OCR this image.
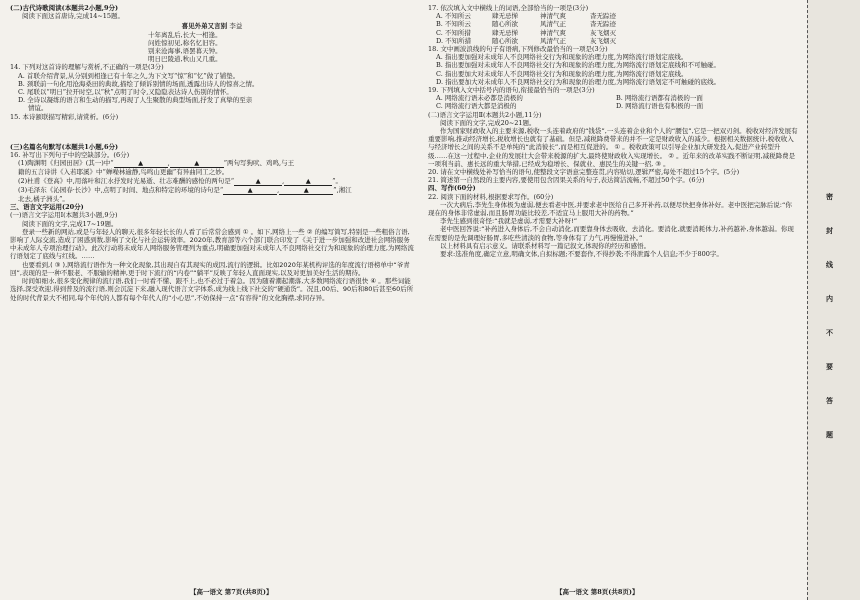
(二)古代诗歌阅读(本题共2小题,9分)

阅读下面这首唐诗,完成14~15题。

喜见外弟又言别 李益

十年离乱后,长大一相逢。

问姓惊初见,称名忆旧容。

别来沧海事,语罢暮天钟。

明日巴陵道,秋山又几重。

14. 下列对这首诗的理解与赏析,不正确的一项是(3分)

A. 首联介绍背景,从分别到相逢已有十年之久,为下文写“惊”和“忆”做了铺垫。

B. 颈联前一句化用沧海桑田的典故,描绘了倾诉别情的场面,透露出诗人的惊喜之情。

C. 尾联以“明日”拉开时空,以“秋”点明了时令,又隐隐表达诗人伤别的情怀。

D. 全诗以凝练的语言和生动的描写,再现了人生聚散的典型场面,抒发了真挚的至亲

情谊。

15. 本诗颔联描写精彩,请赏析。(6分)

(三)名篇名句默写(本题共1小题,6分)

16. 补写出下列句子中的空缺部分。(6分)

(1)陶渊明《归园田居》(其一)中“	▲	,	▲	”两句写狗吠、鸡鸣,与王

籍的五言诗讲《入若耶溪》中“蝉噪林逾静,鸟鸣山更幽”有异曲同工之妙。

(2)杜甫《登高》中,用落叶和江水抒发时光易逝、壮志难酬的感怆的两句是“	▲	,	▲	”。

(3)毛泽东《沁园春·长沙》中,点明了时间、地点和特定的环境的诗句是“	▲	,	▲	”,湘江

北去,橘子洲头”。

三、语言文字运用(20分)

(一)语言文字运用Ⅰ(本题共3小题,9分)

阅读下面的文字,完成17~19题。

登录一些新的网站,或是与年轻人的聊天,很多年轻长长的人看了后常常会感到 ① 。如下,网络上一些 ② 的编写简写,特别是一些粗俗言语,影响了人际交流,造成了困惑到数,影响了文化与社会运转效率。2020年,教育部等六个部门联合印发了《关于进一步加强和改进社会网络服务中未成年人专项治理行动》。此次行动将未成年人网络服务管理列为重点,明确要加强对未成年人不良网络社交行为和现象的治理力度,为网络流行语划定了底线与红线。……

也要看到,( ③ ),网络流行语作为一种文化现象,其出现自有其现实的成因,流行的逻辑。比如2020年某机构评选的年度流行语榜单中“爷青回”,表现的是一种不服老、不服输的精神,更于时下流行的“内卷”“躺平”反映了年轻人直面现实,以及对更加美好生活的期待。

时间如细水,很多变化规律的流行语,我们一时看不懂、跟不上,也不必过于着急。因为随着潮起潮落,大多数网络流行语很快 ④ 。那些词能选择,深受欢迎,得到普及的流行语,则会沉淀下来,融入现代语言文字体系,成为线上线下社交的“硬通货”。况且,00后、90后和80后甚至60后所处的时代背景大不相同,每个年代的人都有每个年代人的“小心思”,不妨保持一点“有容得”的文化胸襟,求同存异。

17. 依次填入文中横线上的词语,全部恰当的一项是(3分)

A. 不知所云	肆无忌惮	神清气爽	杳无踪迹
B. 不知所云	随心所欲	风清气正	杳无踪迹
C. 不知所措	肆无忌惮	神清气爽	灰飞烟灭
D. 不知所措	随心所欲	风清气正	灰飞烟灭

18. 文中画波浪线的句子有语病,下列修改最恰当的一项是(3分)

A. 指出要加强对未成年人不良网络社交行为和现象的治理力度,为网络流行语划定底线。

B. 指出要加强对未成年人不良网络社交行为和现象的治理力度,为网络流行语划定底线和不可触碰。

C. 指出要加大对未成年人不良网络社交行为和现象的治理力度,为网络流行语划定底线。

D. 指出要加大对未成年人不良网络社交行为和现象的治理力度,为网络流行语划定不可触碰的底线。

19. 下列填入文中括号内的语句,衔接最恰当的一项是(3分)

A. 网络流行语未必都是消极的	B. 网络流行语都有消极的一面
C. 网络流行语大都是消极的	D. 网络流行语也有积极的一面

(二)语言文字运用Ⅱ(本题共2小题,11分)

阅读下面的文字,完成20~21题。

作为国家财政收入的主要来源,税收一头连着政府的“钱袋”,一头连着企业和个人的“腰包”,它是一把双刃剑。税收对经济发展有重要影响,推动经济增长,税收增长也就有了基础。但是,减税降费带来的并不一定是财政收入的减少。根据相关数据统计,税收收入与经济增长之间的关系不是单纯的“此消彼长”,而是相互促进的。 ① 。税收政策可以引导企业加大研发投入,促进产业转型升级……在这一过程中,企业的发展壮大会带来税源的扩大,最终使财政收入实现增长。 ② 。近年来的改革实践不断证明,减税降费是一项利当前、惠长远的重大举措,已经成为稳增长、保就业、惠民生的关键一招, ③ 。

20. 请在文中横线处补写恰当的语句,使整段文字语意完整连贯,内容贴切,逻辑严密,每处不超过15个字。(5分)

21. 简述第一自然段的主要内容,要使用包含因果关系的句子,表达简洁流畅,不超过50个字。(6分)

四、写作(60分)

22. 阅读下面的材料,根据要求写作。(60分)

一次大病后,李先生身体极为虚弱,便去看老中医,并要求老中医给自己多开补药,以便尽快把身体补好。老中医把完脉后说:“你现在的身体非常虚弱,而且肠胃功能比较差,不适宜马上服用大补的药物。”

李先生感到很奇怪:“我就是虚弱,才需要大补呀!”

老中医回答说:“补药进入身体后,不会自动消化,而要靠身体去吸收、去消化。要消化,就要消耗体力,补药越补,身体越弱。你现在需要的是先调理好肠胃,多吃些清淡的食物,等身体有了力气,再慢慢进补。”

以上材料具有启示意义。请联系材料写一篇记叙文,体现你的经历和感悟。

要求:选准角度,确定立意,明确文体,自拟标题;不要套作,不得抄袭;不得泄露个人信息;不少于800字。

【高一语文 第7页(共8页)】	【高一语文 第8页(共8页)】
密
封
线
内
不
要
答
题
